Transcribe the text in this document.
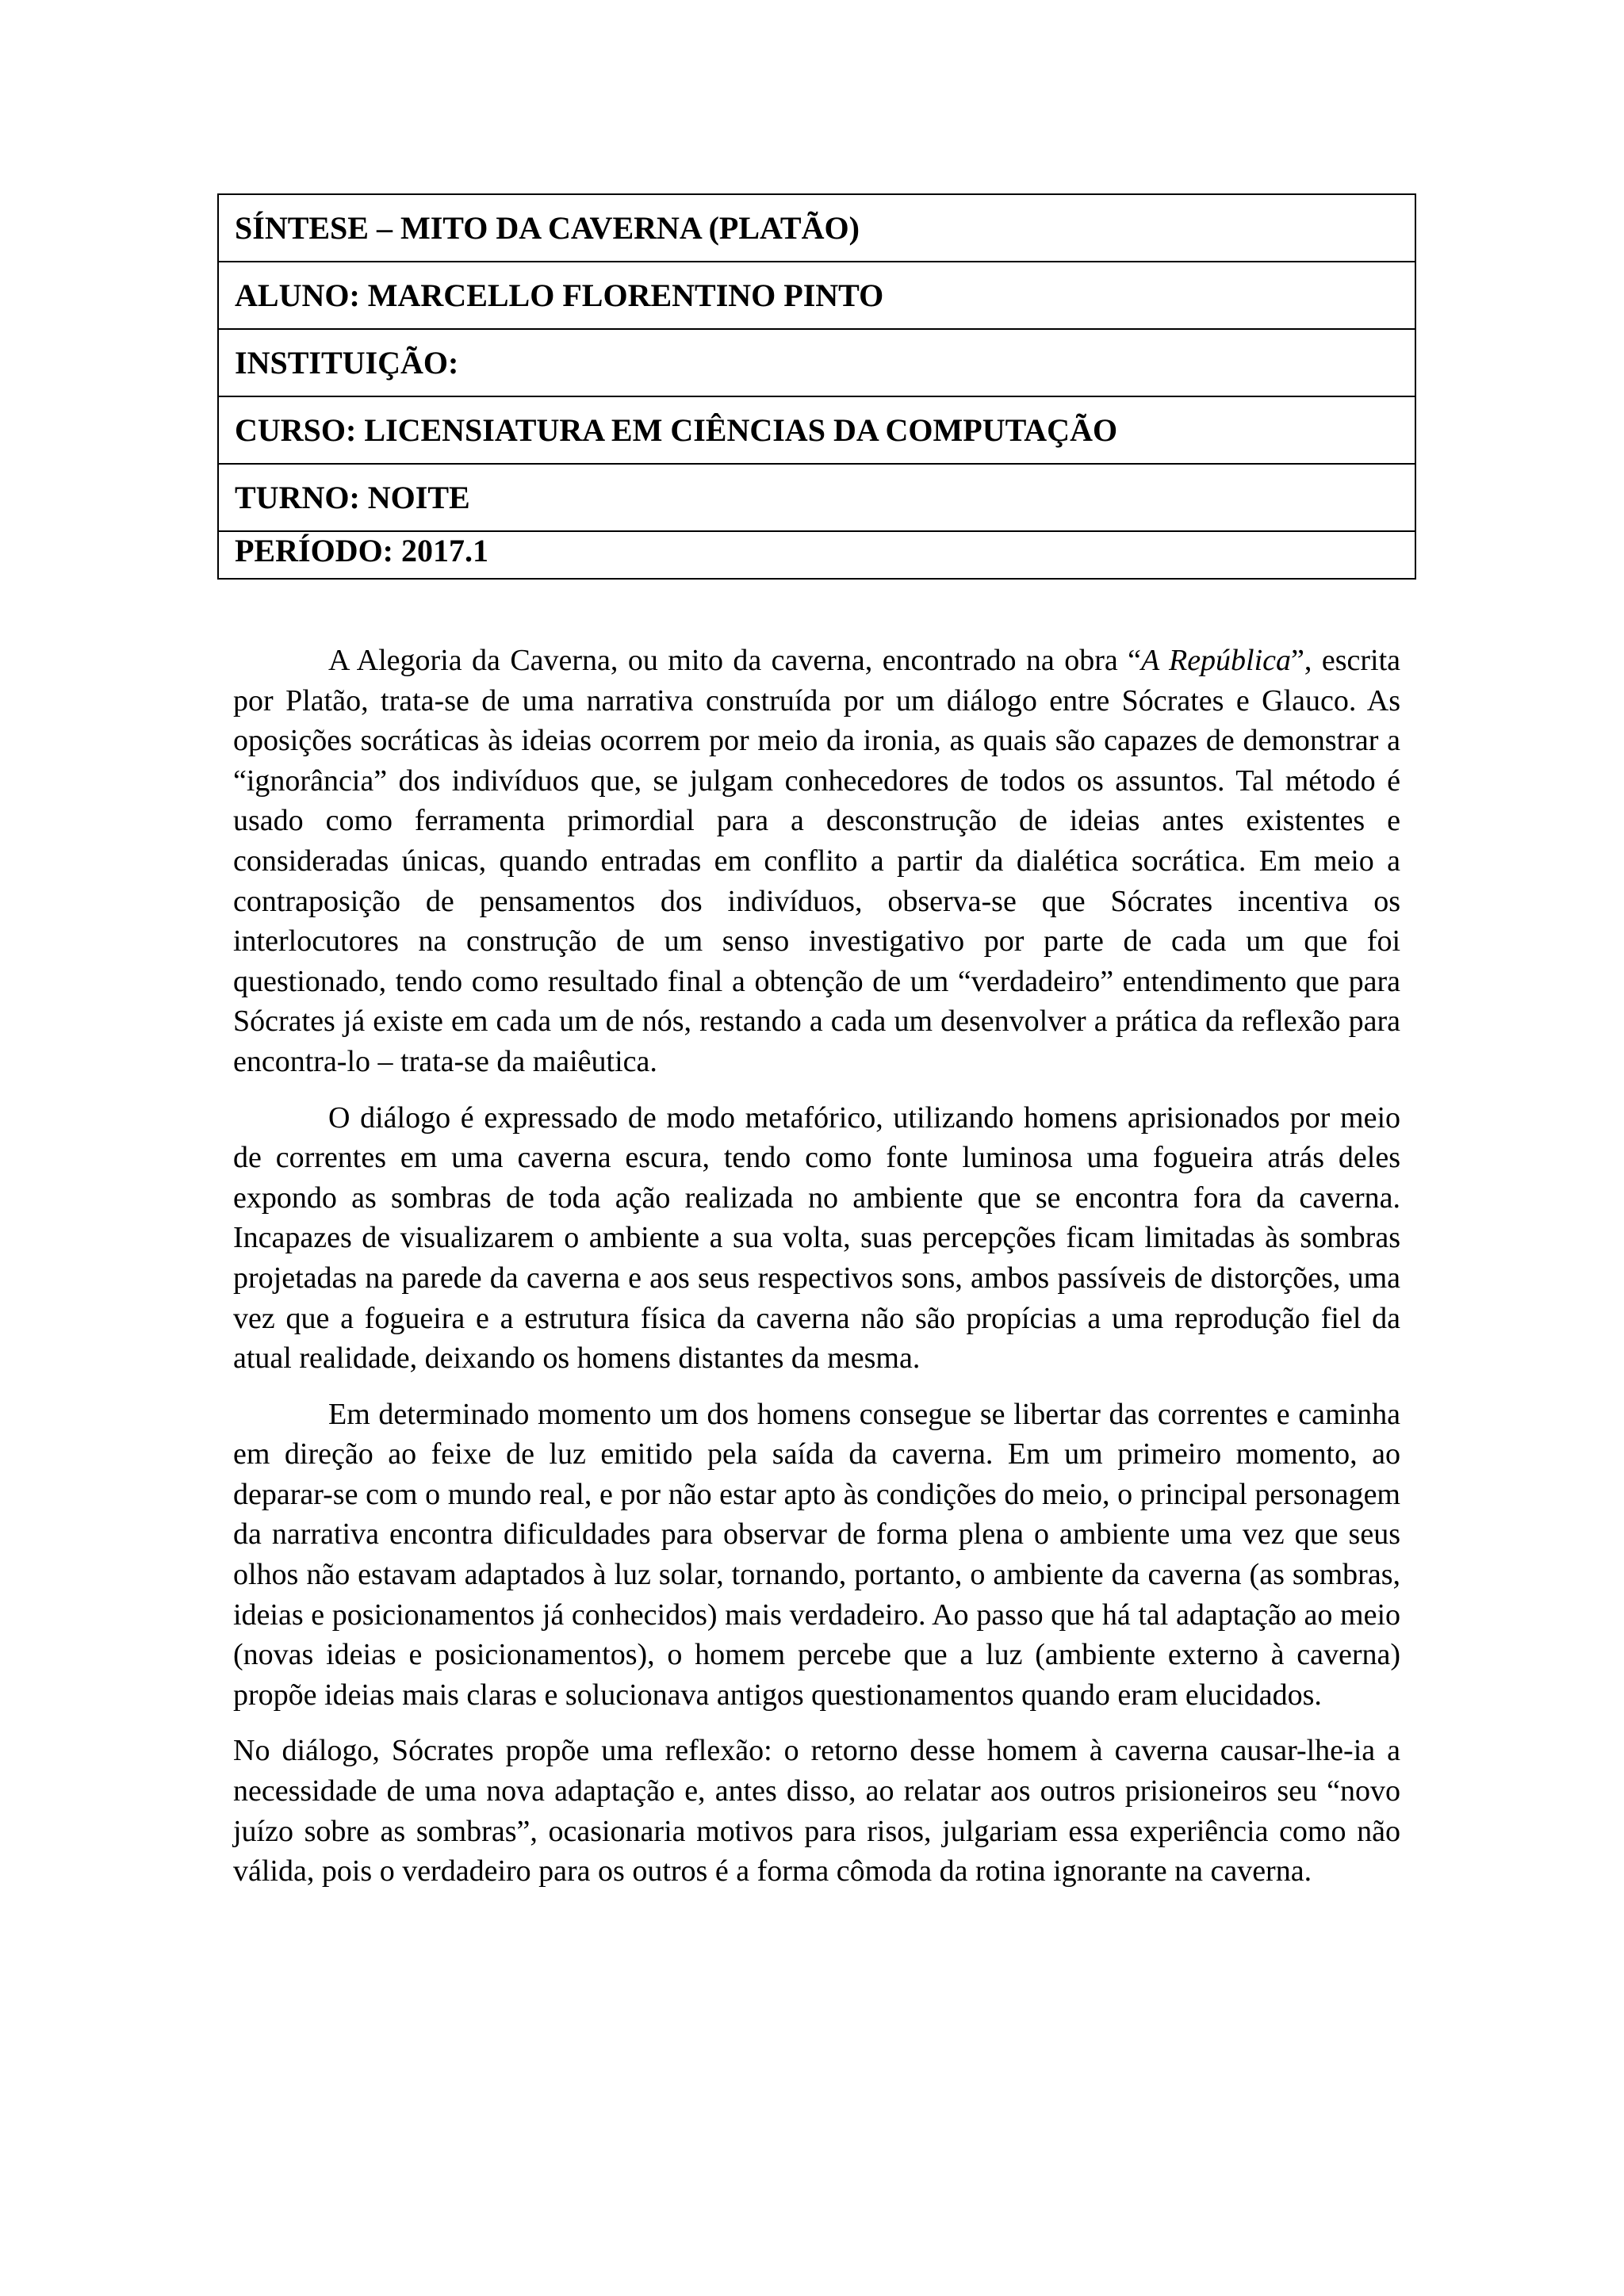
SÍNTESE – MITO DA CAVERNA (PLATÃO)
ALUNO: MARCELLO FLORENTINO PINTO
INSTITUIÇÃO:
CURSO: LICENSIATURA EM CIÊNCIAS DA COMPUTAÇÃO
TURNO: NOITE
PERÍODO: 2017.1

A Alegoria da Caverna, ou mito da caverna, encontrado na obra “A República”, escrita por Platão, trata-se de uma narrativa construída por um diálogo entre Sócrates e Glauco. As oposições socráticas às ideias ocorrem por meio da ironia, as quais são capazes de demonstrar a “ignorância” dos indivíduos que, se julgam conhecedores de todos os assuntos. Tal método é usado como ferramenta primordial para a desconstrução de ideias antes existentes e consideradas únicas, quando entradas em conflito a partir da dialética socrática. Em meio a contraposição de pensamentos dos indivíduos, observa-se que Sócrates incentiva os interlocutores na construção de um senso investigativo por parte de cada um que foi questionado, tendo como resultado final a obtenção de um “verdadeiro” entendimento que para Sócrates já existe em cada um de nós, restando a cada um desenvolver a prática da reflexão para encontra-lo – trata-se da maiêutica.

O diálogo é expressado de modo metafórico, utilizando homens aprisionados por meio de correntes em uma caverna escura, tendo como fonte luminosa uma fogueira atrás deles expondo as sombras de toda ação realizada no ambiente que se encontra fora da caverna. Incapazes de visualizarem o ambiente a sua volta, suas percepções ficam limitadas às sombras projetadas na parede da caverna e aos seus respectivos sons, ambos passíveis de distorções, uma vez que a fogueira e a estrutura física da caverna não são propícias a uma reprodução fiel da atual realidade, deixando os homens distantes da mesma.

Em determinado momento um dos homens consegue se libertar das correntes e caminha em direção ao feixe de luz emitido pela saída da caverna. Em um primeiro momento, ao deparar-se com o mundo real, e por não estar apto às condições do meio, o principal personagem da narrativa encontra dificuldades para observar de forma plena o ambiente uma vez que seus olhos não estavam adaptados à luz solar, tornando, portanto, o ambiente da caverna (as sombras, ideias e posicionamentos já conhecidos) mais verdadeiro. Ao passo que há tal adaptação ao meio (novas ideias e posicionamentos), o homem percebe que a luz (ambiente externo à caverna) propõe ideias mais claras e solucionava antigos questionamentos quando eram elucidados.

No diálogo, Sócrates propõe uma reflexão: o retorno desse homem à caverna causar-lhe-ia a necessidade de uma nova adaptação e, antes disso, ao relatar aos outros prisioneiros seu “novo juízo sobre as sombras”, ocasionaria motivos para risos, julgariam essa experiência como não válida, pois o verdadeiro para os outros é a forma cômoda da rotina ignorante na caverna.
